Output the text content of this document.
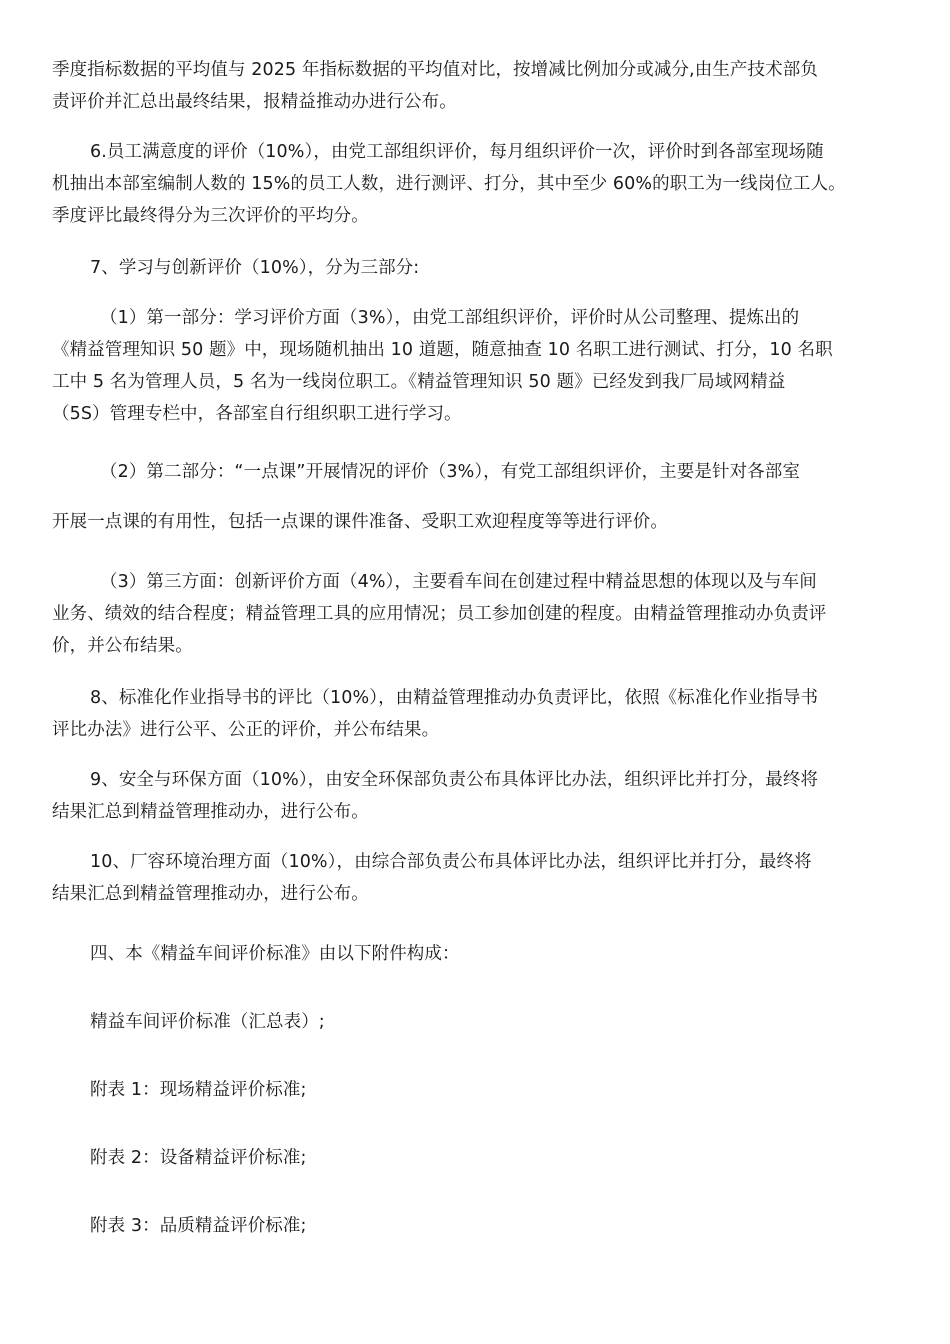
季度指标数据的平均值与 2025 年指标数据的平均值对比，按增减比例加分或减分,由生产技术部负
责评价并汇总出最终结果，报精益推动办进行公布。
6.员工满意度的评价（10%），由党工部组织评价，每月组织评价一次，评价时到各部室现场随
机抽出本部室编制人数的 15%的员工人数，进行测评、打分，其中至少 60%的职工为一线岗位工人。
季度评比最终得分为三次评价的平均分。
7、学习与创新评价（10%），分为三部分:
（1）第一部分：学习评价方面（3%），由党工部组织评价，评价时从公司整理、提炼出的
《精益管理知识 50 题》中，现场随机抽出 10 道题，随意抽查 10 名职工进行测试、打分，10 名职
工中 5 名为管理人员，5 名为一线岗位职工。《精益管理知识 50 题》已经发到我厂局域网精益
（5S）管理专栏中，各部室自行组织职工进行学习。
（2）第二部分：“一点课”开展情况的评价（3%），有党工部组织评价，主要是针对各部室
开展一点课的有用性，包括一点课的课件准备、受职工欢迎程度等等进行评价。
（3）第三方面：创新评价方面（4%），主要看车间在创建过程中精益思想的体现以及与车间
业务、绩效的结合程度；精益管理工具的应用情况；员工参加创建的程度。由精益管理推动办负责评
价，并公布结果。
8、标准化作业指导书的评比（10%），由精益管理推动办负责评比，依照《标准化作业指导书
评比办法》进行公平、公正的评价，并公布结果。
9、安全与环保方面（10%），由安全环保部负责公布具体评比办法，组织评比并打分，最终将
结果汇总到精益管理推动办，进行公布。
10、厂容环境治理方面（10%），由综合部负责公布具体评比办法，组织评比并打分，最终将
结果汇总到精益管理推动办，进行公布。
四、本《精益车间评价标准》由以下附件构成：
精益车间评价标准（汇总表）;
附表 1：现场精益评价标准;
附表 2：设备精益评价标准;
附表 3：品质精益评价标准;
